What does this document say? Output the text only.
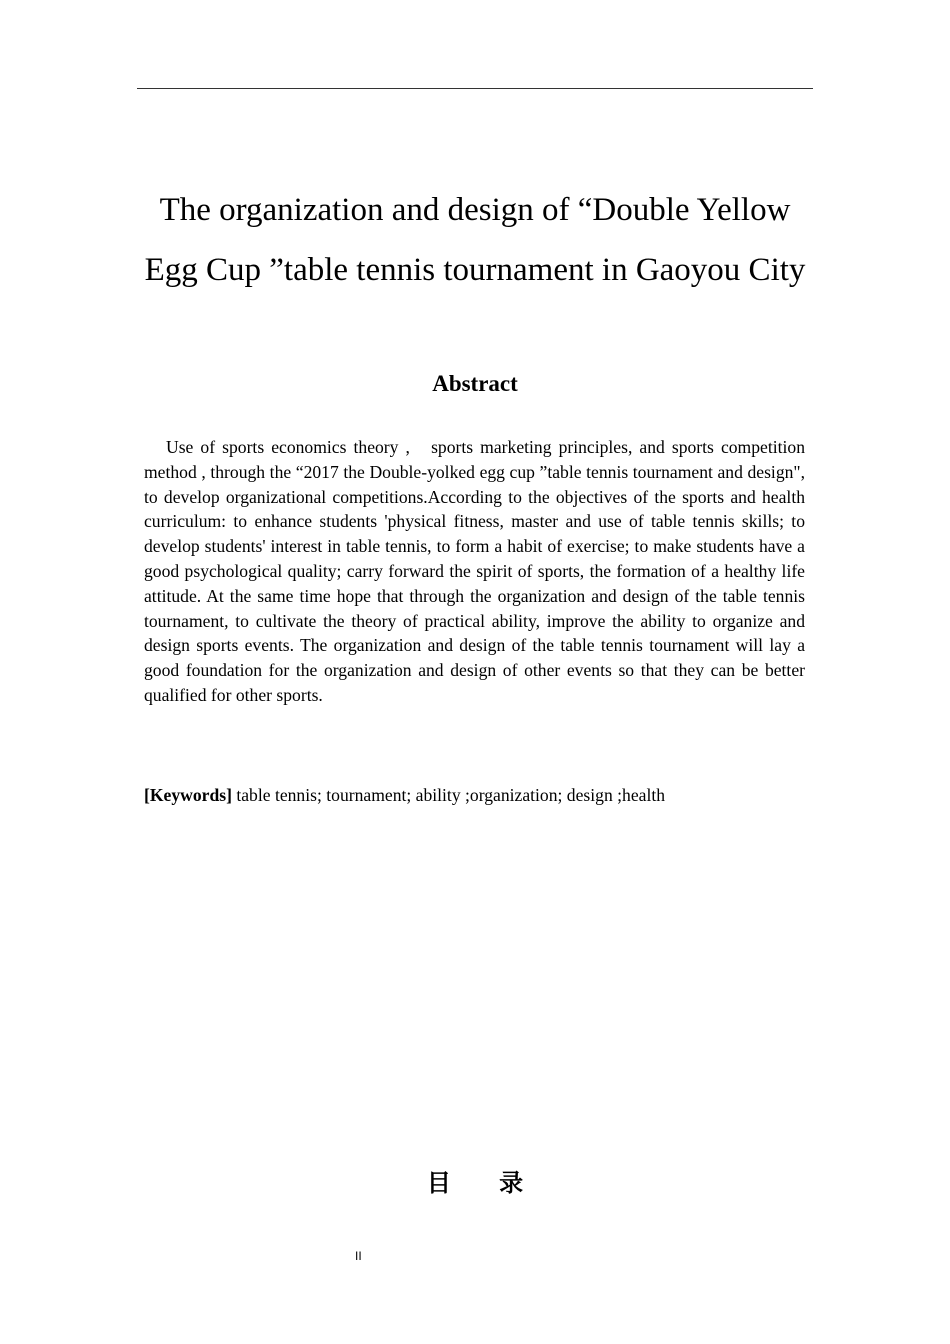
The organization and design of “Double Yellow Egg Cup ”table tennis tournament in Gaoyou City
Abstract

Use of sports economics theory ,   sports marketing principles, and sports competition method , through the “2017 the Double-yolked egg cup ”table tennis tournament and design", to develop organizational competitions.According to the objectives of the sports and health curriculum: to enhance students 'physical fitness, master and use of table tennis skills; to develop students' interest in table tennis, to form a habit of exercise; to make students have a good psychological quality; carry forward the spirit of sports, the formation of a healthy life attitude. At the same time hope that through the organization and design of the table tennis tournament, to cultivate the theory of practical ability, improve the ability to organize and design sports events. The organization and design of the table tennis tournament will lay a good foundation for the organization and design of other events so that they can be better qualified for other sports.

[Keywords] table tennis; tournament; ability ;organization; design ;health

目 录
II
